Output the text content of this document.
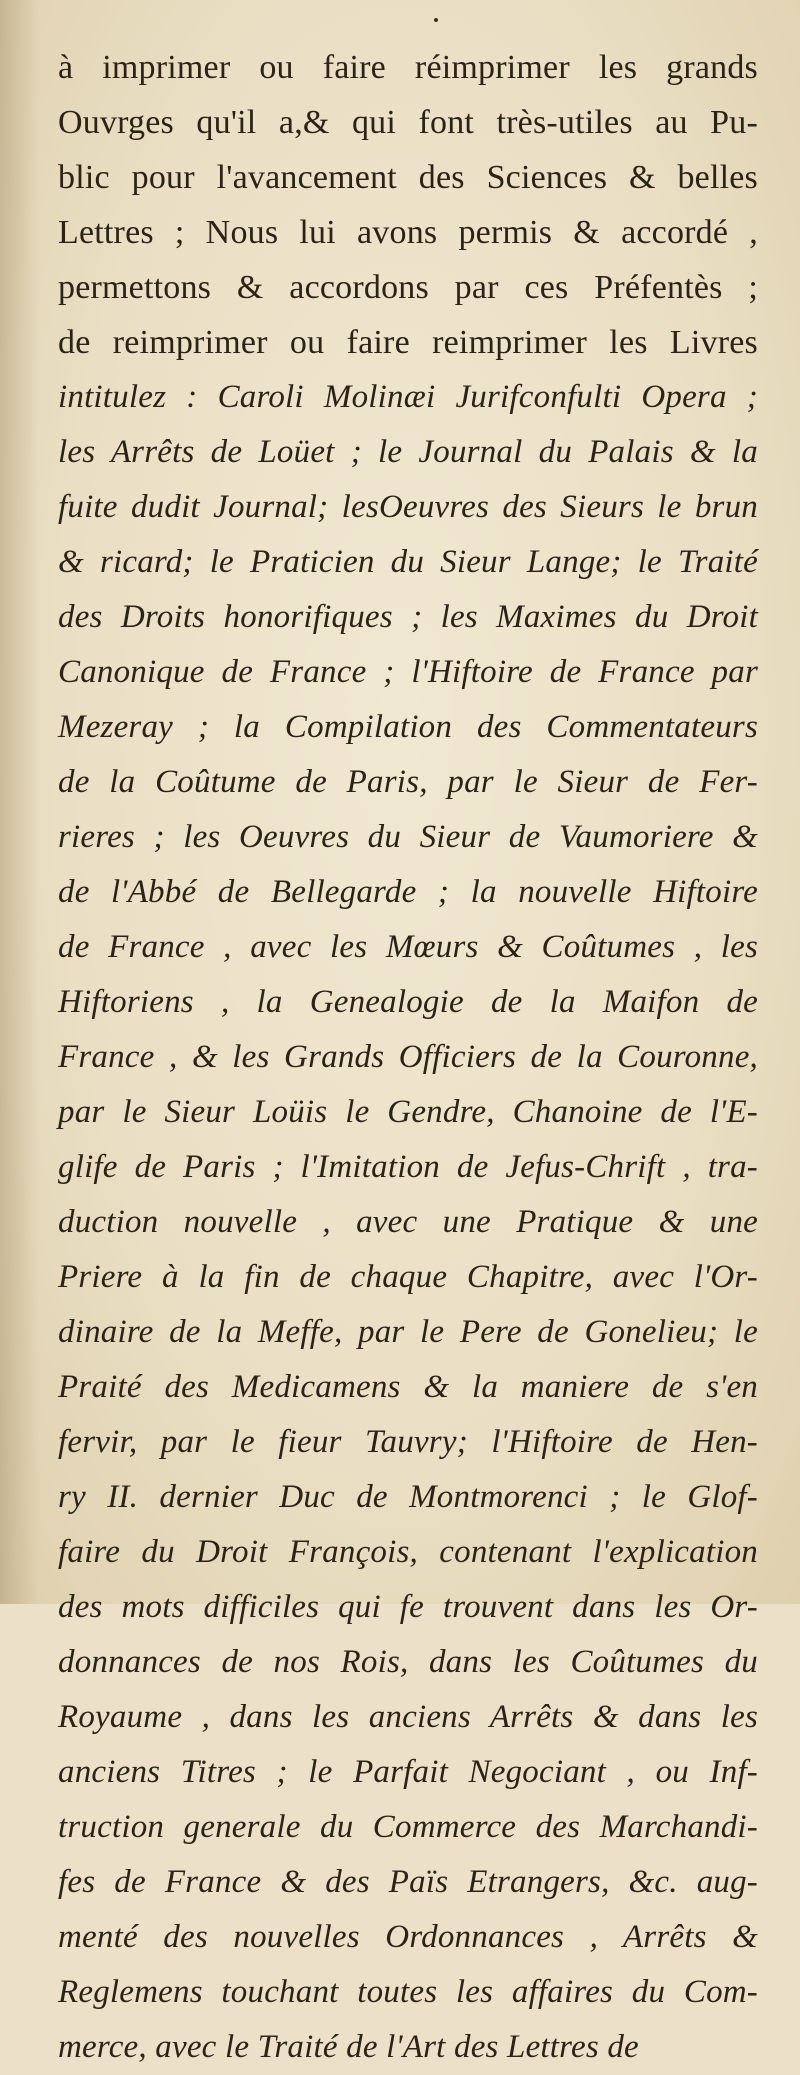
à imprimer ou faire réimprimer les grands
Ouvrges qu'il a,& qui font très-utiles au Pu-
blic pour l'avancement des Sciences & belles
Lettres ; Nous lui avons permis & accordé ,
permettons & accordons par ces Préfentès ;
de reimprimer ou faire reimprimer les Livres
intitulez : Caroli Molinæi Jurifconfulti Opera ;
les Arrêts de Loüet ; le Journal du Palais & la
fuite dudit Journal; lesOeuvres des Sieurs le brun
& ricard; le Praticien du Sieur Lange; le Traité
des Droits honorifiques ; les Maximes du Droit
Canonique de France ; l'Hiftoire de France par
Mezeray ; la Compilation des Commentateurs
de la Coûtume de Paris, par le Sieur de Fer-
rieres ; les Oeuvres du Sieur de Vaumoriere &
de l'Abbé de Bellegarde ; la nouvelle Hiftoire
de France , avec les Mœurs & Coûtumes , les
Hiftoriens , la Genealogie de la Maifon de
France , & les Grands Officiers de la Couronne,
par le Sieur Loüis le Gendre, Chanoine de l'E-
glife de Paris ; l'Imitation de Jefus-Chrift , tra-
duction nouvelle , avec une Pratique & une
Priere à la fin de chaque Chapitre, avec l'Or-
dinaire de la Meffe, par le Pere de Gonelieu; le
Praité des Medicamens & la maniere de s'en
fervir, par le fieur Tauvry; l'Hiftoire de Hen-
ry II. dernier Duc de Montmorenci ; le Glof-
faire du Droit François, contenant l'explication
des mots difficiles qui fe trouvent dans les Or-
donnances de nos Rois, dans les Coûtumes du
Royaume , dans les anciens Arrêts & dans les
anciens Titres ; le Parfait Negociant , ou Inf-
truction generale du Commerce des Marchandi-
fes de France & des Païs Etrangers, &c. aug-
menté des nouvelles Ordonnances , Arrêts &
Reglemens touchant toutes les affaires du Com-
merce, avec le Traité de l'Art des Lettres de
